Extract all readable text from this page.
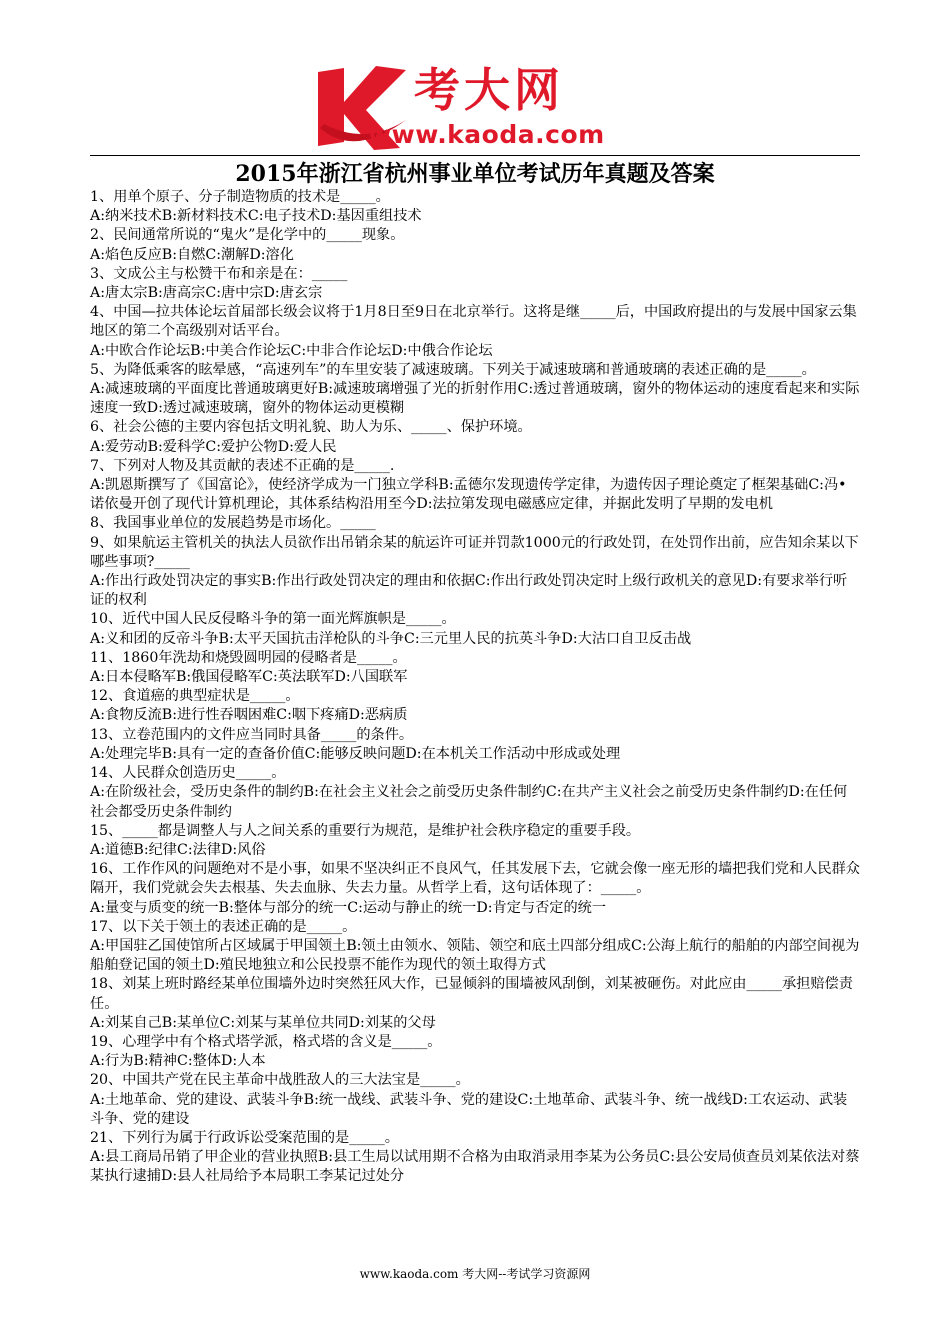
考大网
www.kaoda.com
2015年浙江省杭州事业单位考试历年真题及答案
1、用单个原子、分子制造物质的技术是_____。
A:纳米技术B:新材料技术C:电子技术D:基因重组技术
2、民间通常所说的“鬼火”是化学中的_____现象。
A:焰色反应B:自燃C:潮解D:溶化
3、文成公主与松赞干布和亲是在：_____
A:唐太宗B:唐高宗C:唐中宗D:唐玄宗
4、中国—拉共体论坛首届部长级会议将于1月8日至9日在北京举行。这将是继_____后，中国政府提出的与发展中国家云集地区的第二个高级别对话平台。
A:中欧合作论坛B:中美合作论坛C:中非合作论坛D:中俄合作论坛
5、为降低乘客的眩晕感，“高速列车”的车里安装了减速玻璃。下列关于减速玻璃和普通玻璃的表述正确的是_____。
A:减速玻璃的平面度比普通玻璃更好B:减速玻璃增强了光的折射作用C:透过普通玻璃，窗外的物体运动的速度看起来和实际速度一致D:透过减速玻璃，窗外的物体运动更模糊
6、社会公德的主要内容包括文明礼貌、助人为乐、_____、保护环境。
A:爱劳动B:爱科学C:爱护公物D:爱人民
7、下列对人物及其贡献的表述不正确的是_____.
A:凯恩斯撰写了《国富论》，使经济学成为一门独立学科B:孟德尔发现遗传学定律，为遗传因子理论奠定了框架基础C:冯•诺依曼开创了现代计算机理论，其体系结构沿用至今D:法拉第发现电磁感应定律，并据此发明了早期的发电机
8、我国事业单位的发展趋势是市场化。_____
9、如果航运主管机关的执法人员欲作出吊销余某的航运许可证并罚款1000元的行政处罚，在处罚作出前，应告知余某以下哪些事项?_____
A:作出行政处罚决定的事实B:作出行政处罚决定的理由和依据C:作出行政处罚决定时上级行政机关的意见D:有要求举行听证的权利
10、近代中国人民反侵略斗争的第一面光辉旗帜是_____。
A:义和团的反帝斗争B:太平天国抗击洋枪队的斗争C:三元里人民的抗英斗争D:大沽口自卫反击战
11、1860年洗劫和烧毁圆明园的侵略者是_____。
A:日本侵略军B:俄国侵略军C:英法联军D:八国联军
12、食道癌的典型症状是_____。
A:食物反流B:进行性吞咽困难C:咽下疼痛D:恶病质
13、立卷范围内的文件应当同时具备_____的条件。
A:处理完毕B:具有一定的查备价值C:能够反映问题D:在本机关工作活动中形成或处理
14、人民群众创造历史_____。
A:在阶级社会，受历史条件的制约B:在社会主义社会之前受历史条件制约C:在共产主义社会之前受历史条件制约D:在任何社会都受历史条件制约
15、_____都是调整人与人之间关系的重要行为规范，是维护社会秩序稳定的重要手段。
A:道德B:纪律C:法律D:风俗
16、工作作风的问题绝对不是小事，如果不坚决纠正不良风气，任其发展下去，它就会像一座无形的墙把我们党和人民群众隔开，我们党就会失去根基、失去血脉、失去力量。从哲学上看，这句话体现了：_____。
A:量变与质变的统一B:整体与部分的统一C:运动与静止的统一D:肯定与否定的统一
17、以下关于领土的表述正确的是_____。
A:甲国驻乙国使馆所占区域属于甲国领土B:领土由领水、领陆、领空和底土四部分组成C:公海上航行的船舶的内部空间视为船舶登记国的领土D:殖民地独立和公民投票不能作为现代的领土取得方式
18、刘某上班时路经某单位围墙外边时突然狂风大作，已显倾斜的围墙被风刮倒，刘某被砸伤。对此应由_____承担赔偿责任。
A:刘某自己B:某单位C:刘某与某单位共同D:刘某的父母
19、心理学中有个格式塔学派，格式塔的含义是_____。
A:行为B:精神C:整体D:人本
20、中国共产党在民主革命中战胜敌人的三大法宝是_____。
A:土地革命、党的建设、武装斗争B:统一战线、武装斗争、党的建设C:土地革命、武装斗争、统一战线D:工农运动、武装斗争、党的建设
21、下列行为属于行政诉讼受案范围的是_____。
A:县工商局吊销了甲企业的营业执照B:县工生局以试用期不合格为由取消录用李某为公务员C:县公安局侦查员刘某依法对蔡某执行逮捕D:县人社局给予本局职工李某记过处分
www.kaoda.com 考大网--考试学习资源网
